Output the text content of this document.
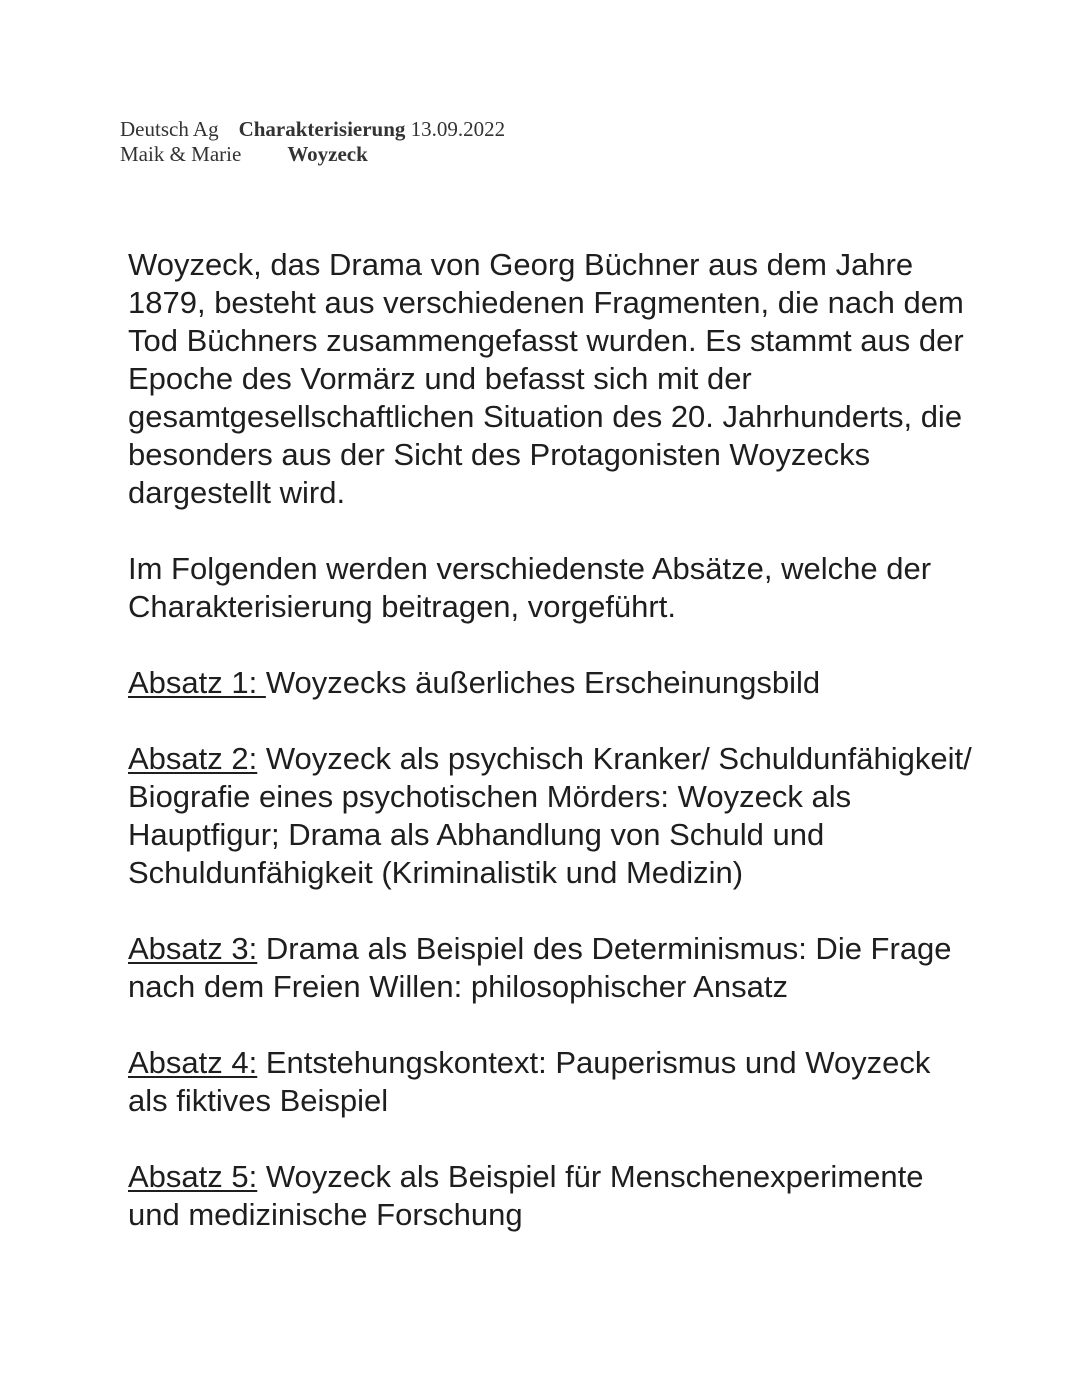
Deutsch Ag Charakterisierung 13.09.2022
Maik & Marie Woyzeck

Woyzeck, das Drama von Georg Büchner aus dem Jahre 1879, besteht aus verschiedenen Fragmenten, die nach dem Tod Büchners zusammengefasst wurden. Es stammt aus der Epoche des Vormärz und befasst sich mit der gesamtgesellschaftlichen Situation des 20. Jahrhunderts, die besonders aus der Sicht des Protagonisten Woyzecks dargestellt wird.

Im Folgenden werden verschiedenste Absätze, welche der Charakterisierung beitragen, vorgeführt.

Absatz 1: Woyzecks äußerliches Erscheinungsbild

Absatz 2: Woyzeck als psychisch Kranker/ Schuldunfähigkeit/ Biografie eines psychotischen Mörders: Woyzeck als Hauptfigur; Drama als Abhandlung von Schuld und Schuldunfähigkeit (Kriminalistik und Medizin)

Absatz 3: Drama als Beispiel des Determinismus: Die Frage nach dem Freien Willen: philosophischer Ansatz

Absatz 4: Entstehungskontext: Pauperismus und Woyzeck als fiktives Beispiel

Absatz 5: Woyzeck als Beispiel für Menschenexperimente und medizinische Forschung
